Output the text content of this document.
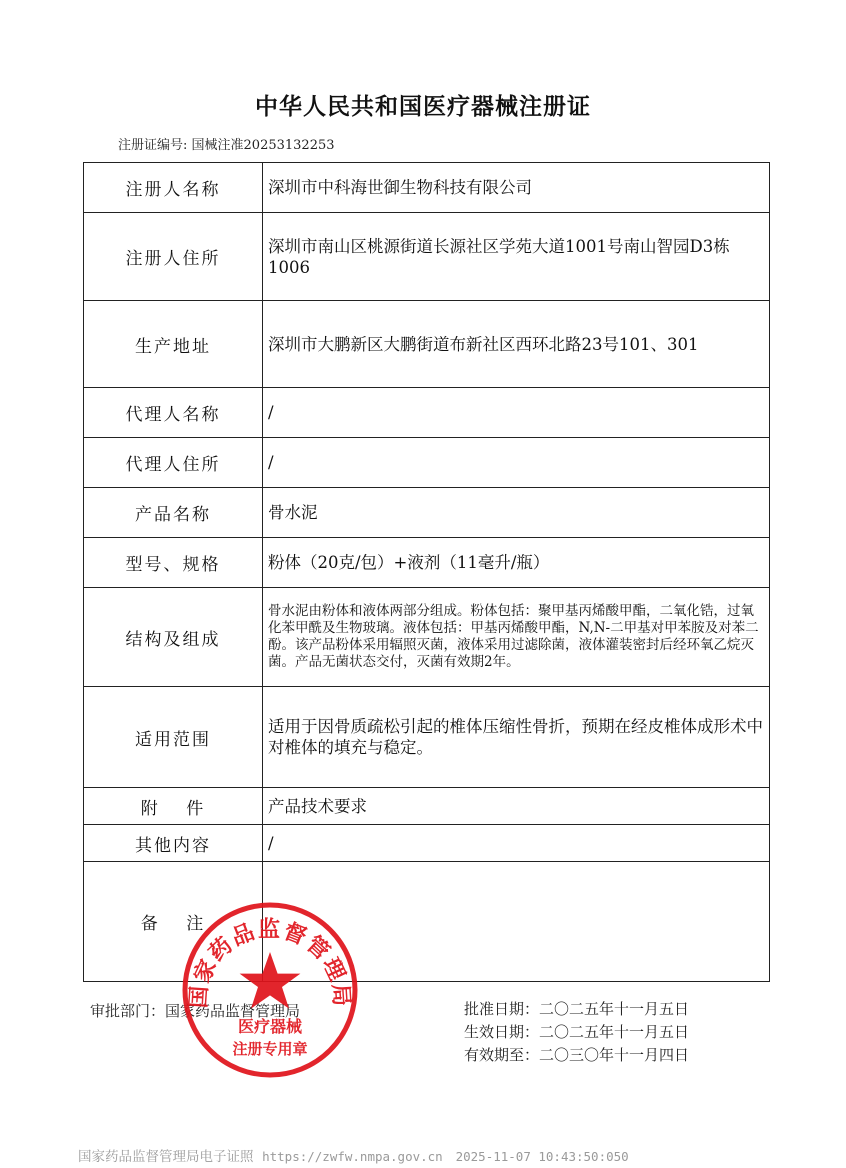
中华人民共和国医疗器械注册证
注册证编号: 国械注准20253132253
注册人名称	深圳市中科海世御生物科技有限公司
注册人住所	深圳市南山区桃源街道长源社区学苑大道1001号南山智园D3栋1006
生产地址	深圳市大鹏新区大鹏街道布新社区西环北路23号101、301
代理人名称	/
代理人住所	/
产品名称	骨水泥
型号、规格	粉体（20克/包）+液剂（11毫升/瓶）
结构及组成	骨水泥由粉体和液体两部分组成。粉体包括：聚甲基丙烯酸甲酯，二氧化锆，过氧化苯甲酰及生物玻璃。液体包括：甲基丙烯酸甲酯，N,N-二甲基对甲苯胺及对苯二酚。该产品粉体采用辐照灭菌，液体采用过滤除菌，液体灌装密封后经环氧乙烷灭菌。产品无菌状态交付，灭菌有效期2年。
适用范围	适用于因骨质疏松引起的椎体压缩性骨折，预期在经皮椎体成形术中对椎体的填充与稳定。
附　 件	产品技术要求
其他内容	/
备　 注	
审批部门：国家药品监督管理局	批准日期：二〇二五年十一月五日
生效日期：二〇二五年十一月五日
有效期至：二〇三〇年十一月四日
国家药品监督管理局
医疗器械
注册专用章
国家药品监督管理局电子证照 https://zwfw.nmpa.gov.cn 2025-11-07 10:43:50:050
